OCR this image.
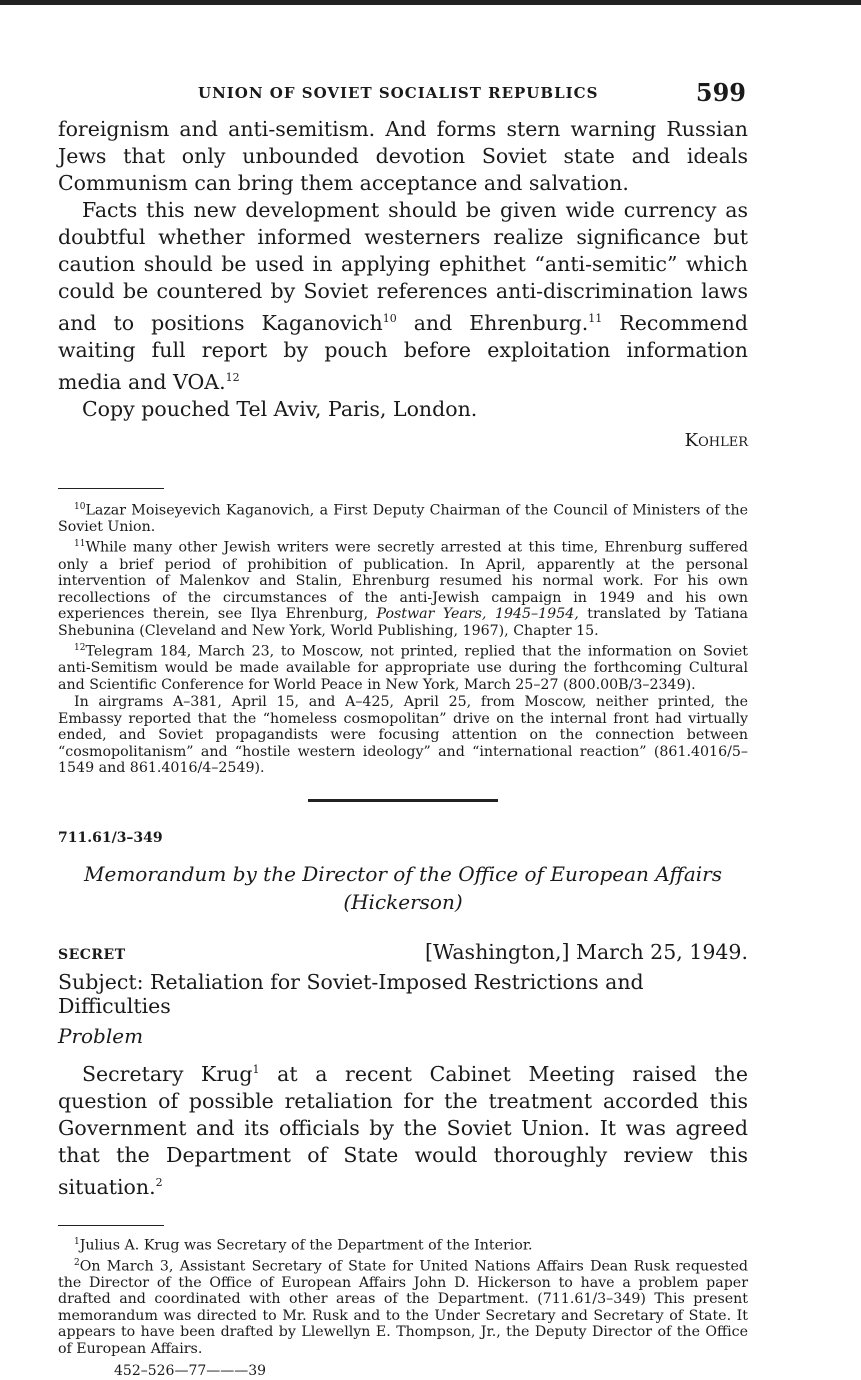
UNION OF SOVIET SOCIALIST REPUBLICS	599

foreignism and anti-semitism. And forms stern warning Russian Jews that only unbounded devotion Soviet state and ideals Communism can bring them acceptance and salvation.

Facts this new development should be given wide currency as doubtful whether informed westerners realize significance but caution should be used in applying ephithet “anti-semitic” which could be countered by Soviet references anti-discrimination laws and to positions Kaganovich$^{10}$ and Ehrenburg.$^{11}$ Recommend waiting full report by pouch before exploitation information media and VOA.$^{12}$

Copy pouched Tel Aviv, Paris, London.

Kohler

$^{10}$Lazar Moiseyevich Kaganovich, a First Deputy Chairman of the Council of Ministers of the Soviet Union.

$^{11}$While many other Jewish writers were secretly arrested at this time, Ehrenburg suffered only a brief period of prohibition of publication. In April, apparently at the personal intervention of Malenkov and Stalin, Ehrenburg resumed his normal work. For his own recollections of the circumstances of the anti-Jewish campaign in 1949 and his own experiences therein, see Ilya Ehrenburg, Postwar Years, 1945–1954, translated by Tatiana Shebunina (Cleveland and New York, World Publishing, 1967), Chapter 15.

$^{12}$Telegram 184, March 23, to Moscow, not printed, replied that the information on Soviet anti-Semitism would be made available for appropriate use during the forthcoming Cultural and Scientific Conference for World Peace in New York, March 25–27 (800.00B/3–2349).

In airgrams A–381, April 15, and A–425, April 25, from Moscow, neither printed, the Embassy reported that the “homeless cosmopolitan” drive on the internal front had virtually ended, and Soviet propagandists were focusing attention on the connection between “cosmopolitanism” and “hostile western ideology” and “international reaction” (861.4016/5–1549 and 861.4016/4–2549).

711.61/3–349
Memorandum by the Director of the Office of European Affairs
(Hickerson)
SECRET	[Washington,] March 25, 1949.
Subject: Retaliation for Soviet-Imposed Restrictions and Difficulties
Problem

Secretary Krug$^1$ at a recent Cabinet Meeting raised the question of possible retaliation for the treatment accorded this Government and its officials by the Soviet Union. It was agreed that the Department of State would thoroughly review this situation.$^2$

$^1$Julius A. Krug was Secretary of the Department of the Interior.

$^2$On March 3, Assistant Secretary of State for United Nations Affairs Dean Rusk requested the Director of the Office of European Affairs John D. Hickerson to have a problem paper drafted and coordinated with other areas of the Department. (711.61/3–349) This present memorandum was directed to Mr. Rusk and to the Under Secretary and Secretary of State. It appears to have been drafted by Llewellyn E. Thompson, Jr., the Deputy Director of the Office of European Affairs.

452–526—77———39
